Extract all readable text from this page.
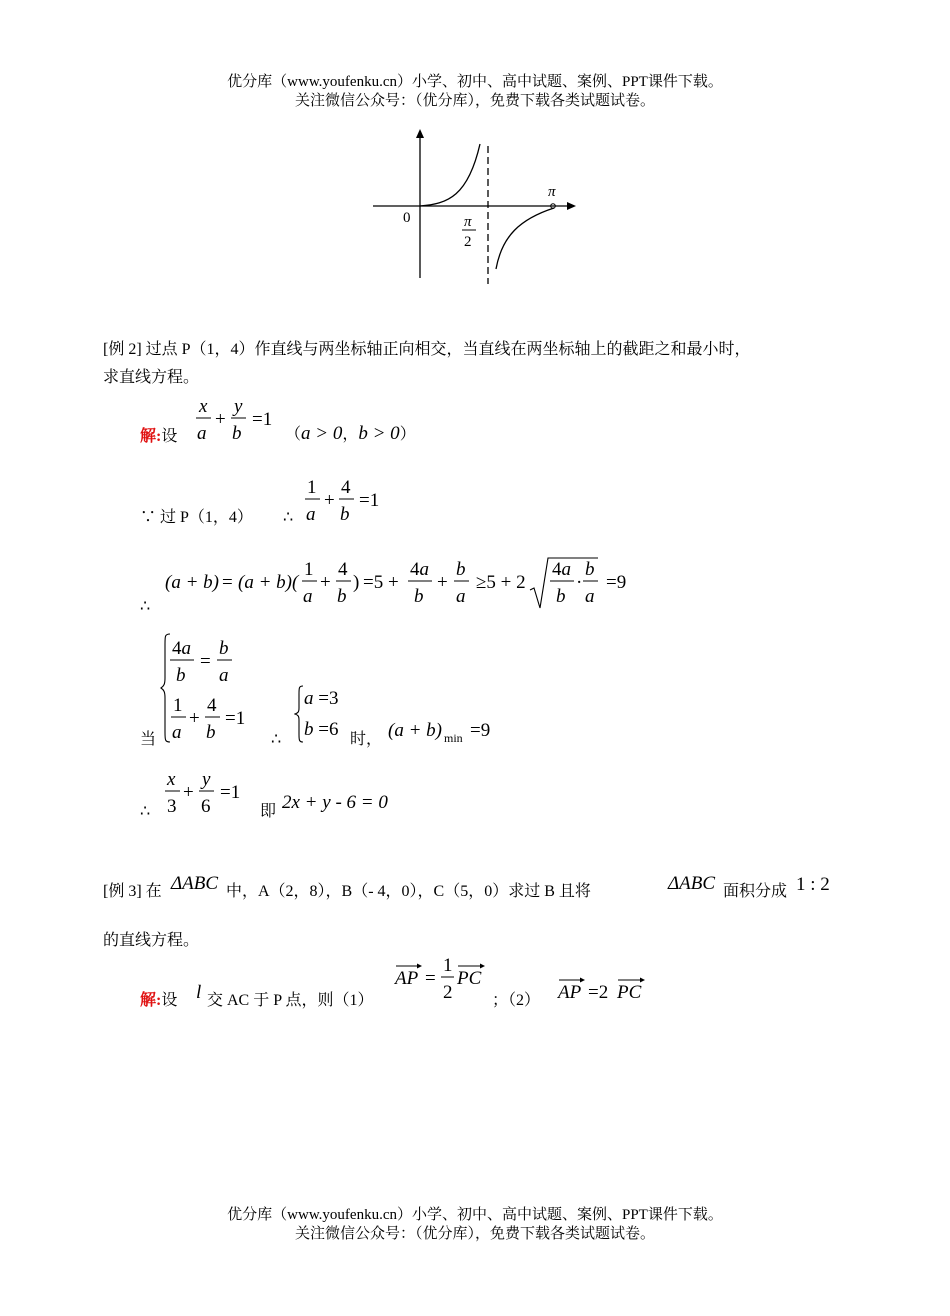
优分库（www.youfenku.cn）小学、初中、高中试题、案例、PPT课件下载。
关注微信公众号：（优分库），免费下载各类试题试卷。
0	π
2
π
[例 2] 过点 P（1，4）作直线与两坐标轴正向相交，当直线在两坐标轴上的截距之和最小时，
求直线方程。
解:设
x
a
+
y
b
=1
（a > 0，b > 0）
∵ 过 P（1，4） ∴
1
a
+
4
b
=1
∴
(a + b) = (a + b)(
1
a
+
4
b
) =5 +
4a
b
+
b
a
≥5 + 2
4a
b
·
b
a
=9
当
4a
b
=
b
a
1
a
+
4
b
=1
∴
a =3
b =6 时， (a + b) min =9
∴
x
3
+
y
6
=1
即 2x + y - 6 = 0
[例 3] 在 ΔABC 中，A（2，8），B（- 4，0），C（5，0）求过 B 且将	ΔABC 面积分成 1 : 2
的直线方程。
解:设 l 交 AC 于 P 点，则（1）
AP =
1
2
PC
；（2） AP =2 PC
优分库（www.youfenku.cn）小学、初中、高中试题、案例、PPT课件下载。
关注微信公众号：（优分库），免费下载各类试题试卷。
